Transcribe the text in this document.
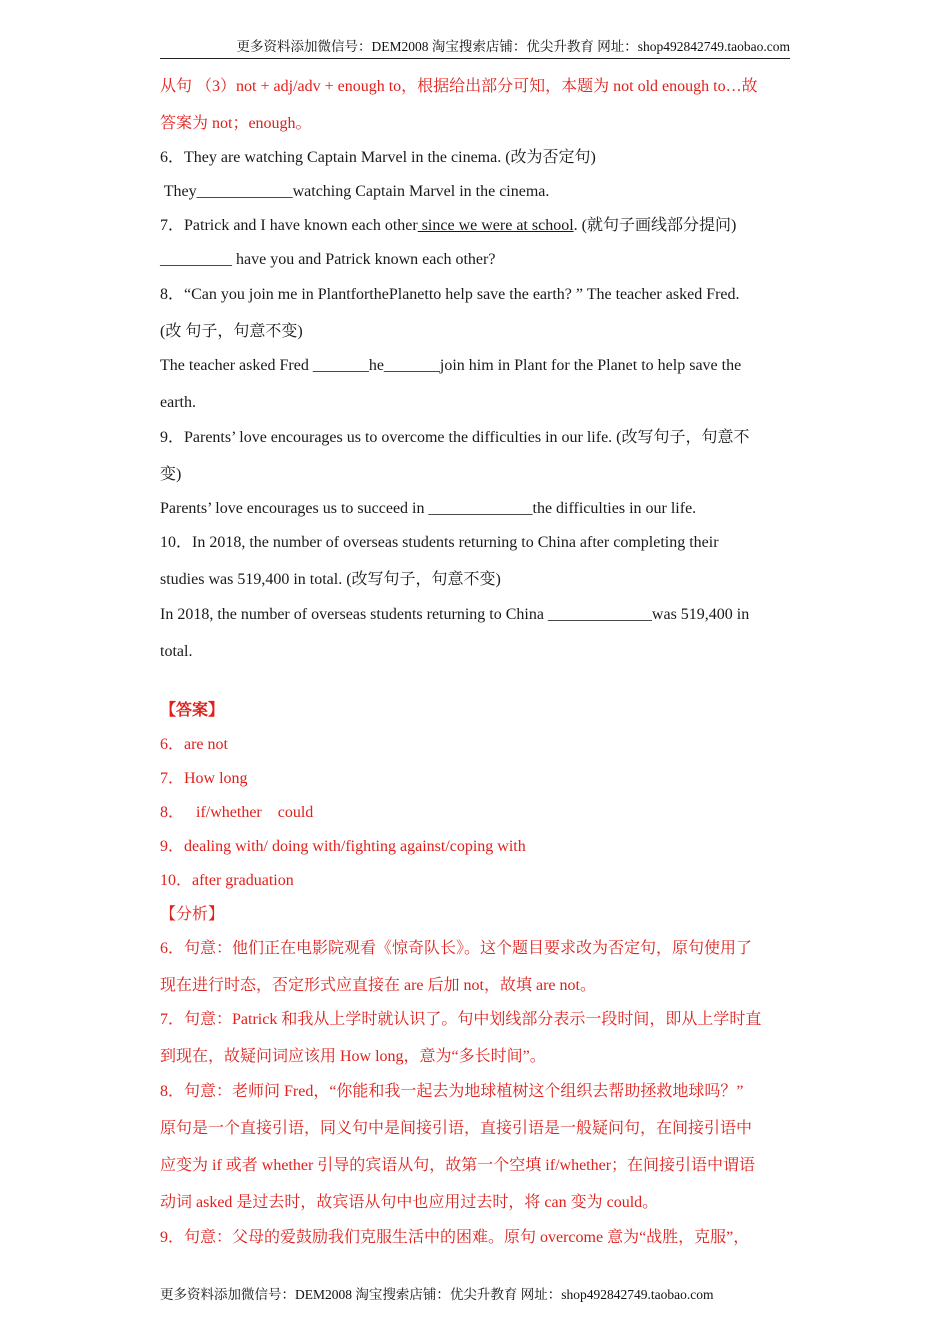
更多资料添加微信号：DEM2008 淘宝搜索店铺：优尖升教育 网址：shop492842749.taobao.com
从句 （3）not + adj/adv + enough to，根据给出部分可知，本题为 not old enough to…故
答案为 not；enough。
6．They are watching Captain Marvel in the cinema. (改为否定句)
They____________watching Captain Marvel in the cinema.
7．Patrick and I have known each other since we were at school. (就句子画线部分提问)
_________ have you and Patrick known each other?
8．“Can you join me in PlantforthePlanetto help save the earth? ” The teacher asked Fred.
(改 句子，句意不变)
The teacher asked Fred _______he_______join him in Plant for the Planet to help save the
earth.
9．Parents’ love encourages us to overcome the difficulties in our life. (改写句子，句意不
变)
Parents’ love encourages us to succeed in _____________the difficulties in our life.
10．In 2018, the number of overseas students returning to China after completing their
studies was 519,400 in total. (改写句子，句意不变)
In 2018, the number of overseas students returning to China _____________was 519,400 in
total.
【答案】
6．are not
7．How long
8．   if/whether    could
9．dealing with/ doing with/fighting against/coping with
10．after graduation
【分析】
6．句意：他们正在电影院观看《惊奇队长》。这个题目要求改为否定句，原句使用了
现在进行时态，否定形式应直接在 are 后加 not，故填 are not。
7．句意：Patrick 和我从上学时就认识了。句中划线部分表示一段时间，即从上学时直
到现在，故疑问词应该用 How long，意为“多长时间”。
8．句意：老师问 Fred，“你能和我一起去为地球植树这个组织去帮助拯救地球吗？”
原句是一个直接引语，同义句中是间接引语，直接引语是一般疑问句，在间接引语中
应变为 if 或者 whether 引导的宾语从句，故第一个空填 if/whether；在间接引语中谓语
动词 asked 是过去时，故宾语从句中也应用过去时，将 can 变为 could。
9．句意：父母的爱鼓励我们克服生活中的困难。原句 overcome 意为“战胜，克服”，
更多资料添加微信号：DEM2008 淘宝搜索店铺：优尖升教育 网址：shop492842749.taobao.com
